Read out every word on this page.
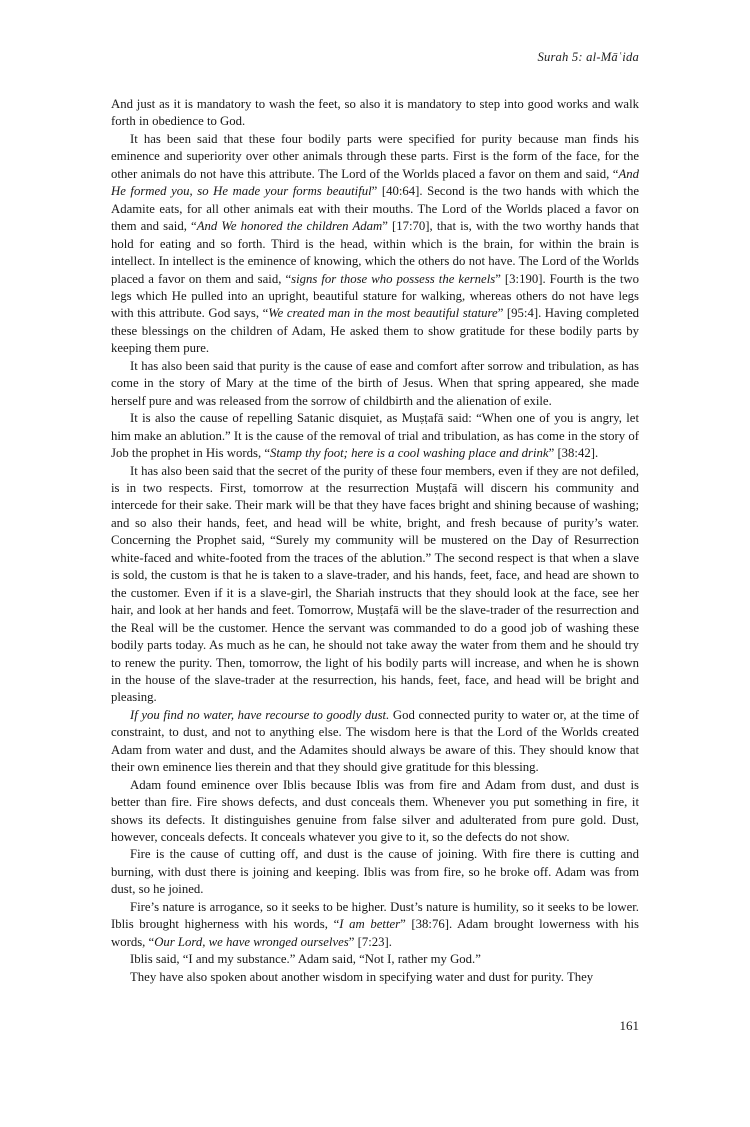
Surah 5: al-Māʿida

And just as it is mandatory to wash the feet, so also it is mandatory to step into good works and walk forth in obedience to God.

It has been said that these four bodily parts were specified for purity because man finds his eminence and superiority over other animals through these parts. First is the form of the face, for the other animals do not have this attribute. The Lord of the Worlds placed a favor on them and said, “And He formed you, so He made your forms beautiful” [40:64]. Second is the two hands with which the Adamite eats, for all other animals eat with their mouths. The Lord of the Worlds placed a favor on them and said, “And We honored the children Adam” [17:70], that is, with the two worthy hands that hold for eating and so forth. Third is the head, within which is the brain, for within the brain is intellect. In intellect is the eminence of knowing, which the others do not have. The Lord of the Worlds placed a favor on them and said, “signs for those who possess the kernels” [3:190]. Fourth is the two legs which He pulled into an upright, beautiful stature for walking, whereas others do not have legs with this attribute. God says, “We created man in the most beautiful stature” [95:4]. Having completed these blessings on the children of Adam, He asked them to show gratitude for these bodily parts by keeping them pure.

It has also been said that purity is the cause of ease and comfort after sorrow and tribulation, as has come in the story of Mary at the time of the birth of Jesus. When that spring appeared, she made herself pure and was released from the sorrow of childbirth and the alienation of exile.

It is also the cause of repelling Satanic disquiet, as Muṣṭafā said: “When one of you is angry, let him make an ablution.” It is the cause of the removal of trial and tribulation, as has come in the story of Job the prophet in His words, “Stamp thy foot; here is a cool washing place and drink” [38:42].

It has also been said that the secret of the purity of these four members, even if they are not defiled, is in two respects. First, tomorrow at the resurrection Muṣṭafā will discern his community and intercede for their sake. Their mark will be that they have faces bright and shining because of washing; and so also their hands, feet, and head will be white, bright, and fresh because of purity’s water. Concerning the Prophet said, “Surely my community will be mustered on the Day of Resurrection white-faced and white-footed from the traces of the ablution.” The second respect is that when a slave is sold, the custom is that he is taken to a slave-trader, and his hands, feet, face, and head are shown to the customer. Even if it is a slave-girl, the Shariah instructs that they should look at the face, see her hair, and look at her hands and feet. Tomorrow, Muṣṭafā will be the slave-trader of the resurrection and the Real will be the customer. Hence the servant was commanded to do a good job of washing these bodily parts today. As much as he can, he should not take away the water from them and he should try to renew the purity. Then, tomorrow, the light of his bodily parts will increase, and when he is shown in the house of the slave-trader at the resurrection, his hands, feet, face, and head will be bright and pleasing.

If you find no water, have recourse to goodly dust. God connected purity to water or, at the time of constraint, to dust, and not to anything else. The wisdom here is that the Lord of the Worlds created Adam from water and dust, and the Adamites should always be aware of this. They should know that their own eminence lies therein and that they should give gratitude for this blessing.

Adam found eminence over Iblis because Iblis was from fire and Adam from dust, and dust is better than fire. Fire shows defects, and dust conceals them. Whenever you put something in fire, it shows its defects. It distinguishes genuine from false silver and adulterated from pure gold. Dust, however, conceals defects. It conceals whatever you give to it, so the defects do not show.

Fire is the cause of cutting off, and dust is the cause of joining. With fire there is cutting and burning, with dust there is joining and keeping. Iblis was from fire, so he broke off. Adam was from dust, so he joined.

Fire’s nature is arrogance, so it seeks to be higher. Dust’s nature is humility, so it seeks to be lower. Iblis brought higherness with his words, “I am better” [38:76]. Adam brought lowerness with his words, “Our Lord, we have wronged ourselves” [7:23].

Iblis said, “I and my substance.” Adam said, “Not I, rather my God.”

They have also spoken about another wisdom in specifying water and dust for purity. They

161
